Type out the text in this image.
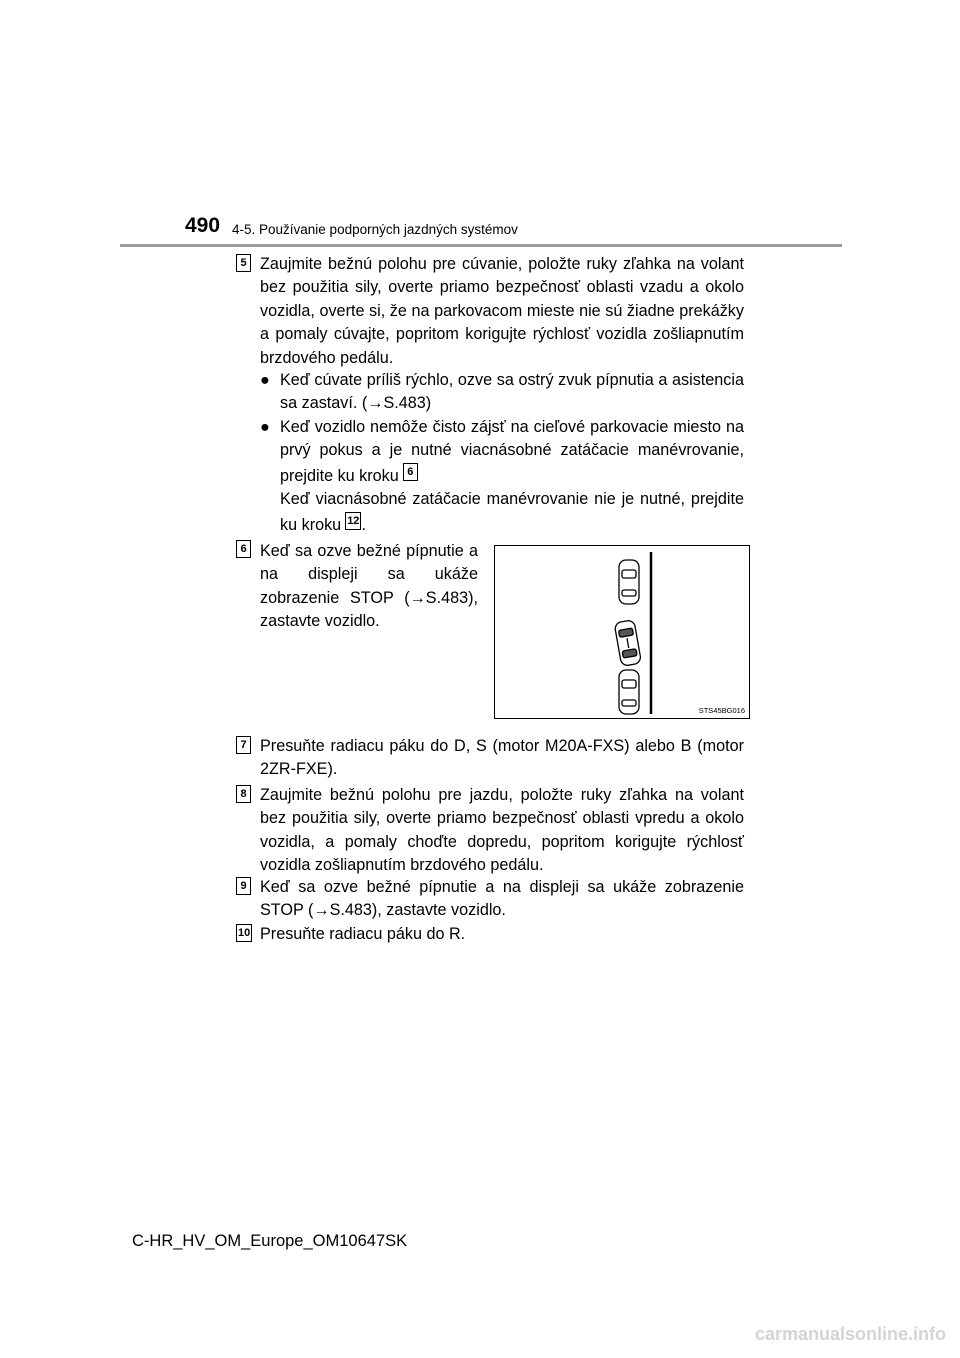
490 4-5. Používanie podporných jazdných systémov
5 Zaujmite bežnú polohu pre cúvanie, položte ruky zľahka na volant bez použitia sily, overte priamo bezpečnosť oblasti vzadu a okolo vozidla, overte si, že na parkovacom mieste nie sú žiadne prekážky a pomaly cúvajte, popritom korigujte rýchlosť vozidla zošliapnutím brzdového pedálu.
● Keď cúvate príliš rýchlo, ozve sa ostrý zvuk pípnutia a asistencia sa zastaví. (→S.483)
● Keď vozidlo nemôže čisto zájsť na cieľové parkovacie miesto na prvý pokus a je nutné viacnásobné zatáčacie manévrovanie, prejdite ku kroku 6
Keď viacnásobné zatáčacie manévrovanie nie je nutné, prejdite ku kroku 12 .
6 Keď sa ozve bežné pípnutie a na displeji sa ukáže zobrazenie STOP (→S.483), zastavte vozidlo.
STS45BG016
7 Presuňte radiacu páku do D, S (motor M20A-FXS) alebo B (motor 2ZR-FXE).
8 Zaujmite bežnú polohu pre jazdu, položte ruky zľahka na volant bez použitia sily, overte priamo bezpečnosť oblasti vpredu a okolo vozidla, a pomaly choďte dopredu, popritom korigujte rýchlosť vozidla zošliapnutím brzdového pedálu.
9 Keď sa ozve bežné pípnutie a na displeji sa ukáže zobrazenie STOP (→S.483), zastavte vozidlo.
10 Presuňte radiacu páku do R.
C-HR_HV_OM_Europe_OM10647SK
carmanualsonline.info
